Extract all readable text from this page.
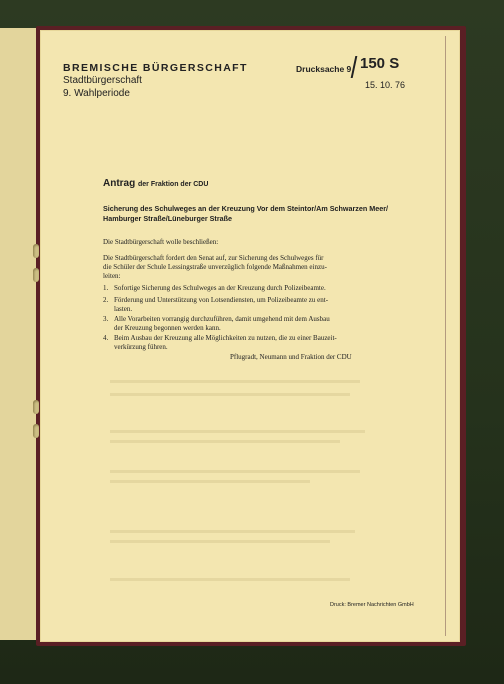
BREMISCHE BÜRGERSCHAFT
Stadtbürgerschaft
9. Wahlperiode
Drucksache 9 150 S
15. 10. 76
Antrag der Fraktion der CDU
Sicherung des Schulweges an der Kreuzung Vor dem Steintor/Am Schwarzen Meer/
Hamburger Straße/Lüneburger Straße
Die Stadtbürgerschaft wolle beschließen:
Die Stadtbürgerschaft fordert den Senat auf, zur Sicherung des Schulweges für
die Schüler der Schule Lessingstraße unverzüglich folgende Maßnahmen einzu-
leiten:
1. Sofortige Sicherung des Schulweges an der Kreuzung durch Polizeibeamte.
2. Förderung und Unterstützung von Lotsendiensten, um Polizeibeamte zu ent-
lasten.
3. Alle Vorarbeiten vorrangig durchzuführen, damit umgehend mit dem Ausbau
der Kreuzung begonnen werden kann.
4. Beim Ausbau der Kreuzung alle Möglichkeiten zu nutzen, die zu einer Bauzeit-
verkürzung führen.
Pflugradt, Neumann und Fraktion der CDU
Druck: Bremer Nachrichten GmbH
